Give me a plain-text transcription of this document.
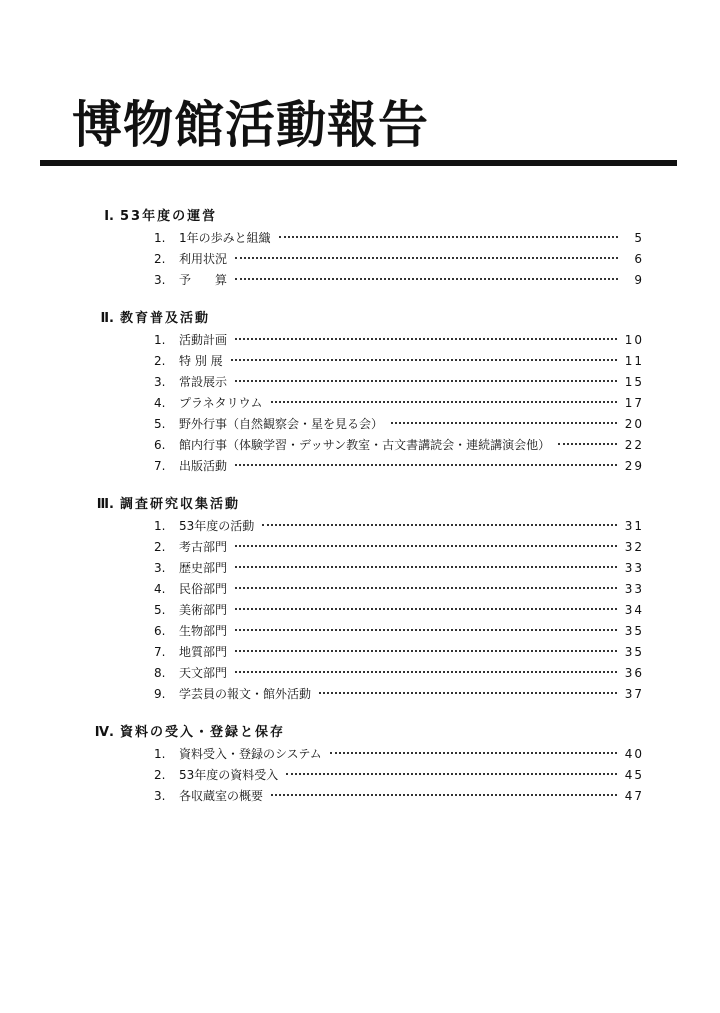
博物館活動報告
Ⅰ. 53年度の運営
1.	1年の歩みと組織	5
2.	利用状況	6
3.	予　　算	9
Ⅱ. 教育普及活動
1.	活動計画	10
2.	特 別 展	11
3.	常設展示	15
4.	プラネタリウム	17
5.	野外行事（自然観察会・星を見る会）	20
6.	館内行事（体験学習・デッサン教室・古文書講読会・連続講演会他）	22
7.	出版活動	29
Ⅲ. 調査研究収集活動
1.	53年度の活動	31
2.	考古部門	32
3.	歴史部門	33
4.	民俗部門	33
5.	美術部門	34
6.	生物部門	35
7.	地質部門	35
8.	天文部門	36
9.	学芸員の報文・館外活動	37
Ⅳ. 資料の受入・登録と保存
1.	資料受入・登録のシステム	40
2.	53年度の資料受入	45
3.	各収蔵室の概要	47
